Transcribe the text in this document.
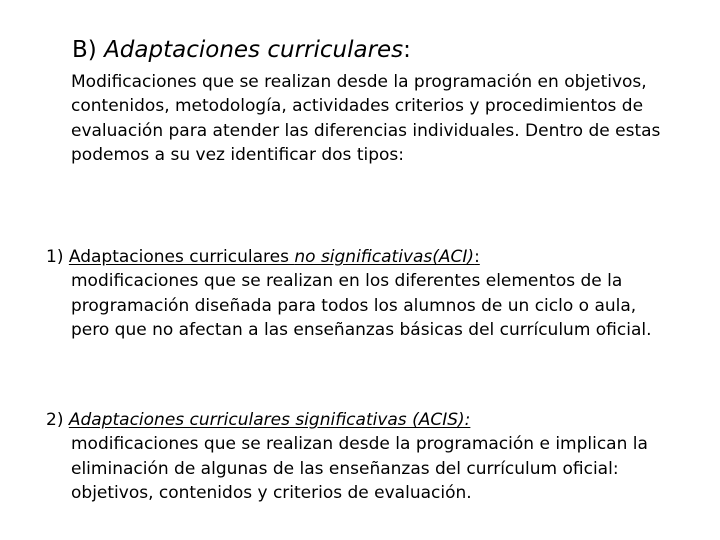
B) Adaptaciones curriculares:
Modificaciones que se realizan desde la programación en objetivos, contenidos, metodología, actividades criterios y procedimientos de evaluación para atender las diferencias individuales. Dentro de estas podemos a su vez identificar dos tipos:
1) Adaptaciones curriculares no significativas(ACI):
modificaciones que se realizan en los diferentes elementos de la programación diseñada para todos los alumnos de un ciclo o aula, pero que no afectan a las enseñanzas básicas del currículum oficial.
2) Adaptaciones curriculares significativas (ACIS):
modificaciones que se realizan desde la programación e implican la eliminación de algunas de las enseñanzas del currículum oficial: objetivos, contenidos y criterios de evaluación.
